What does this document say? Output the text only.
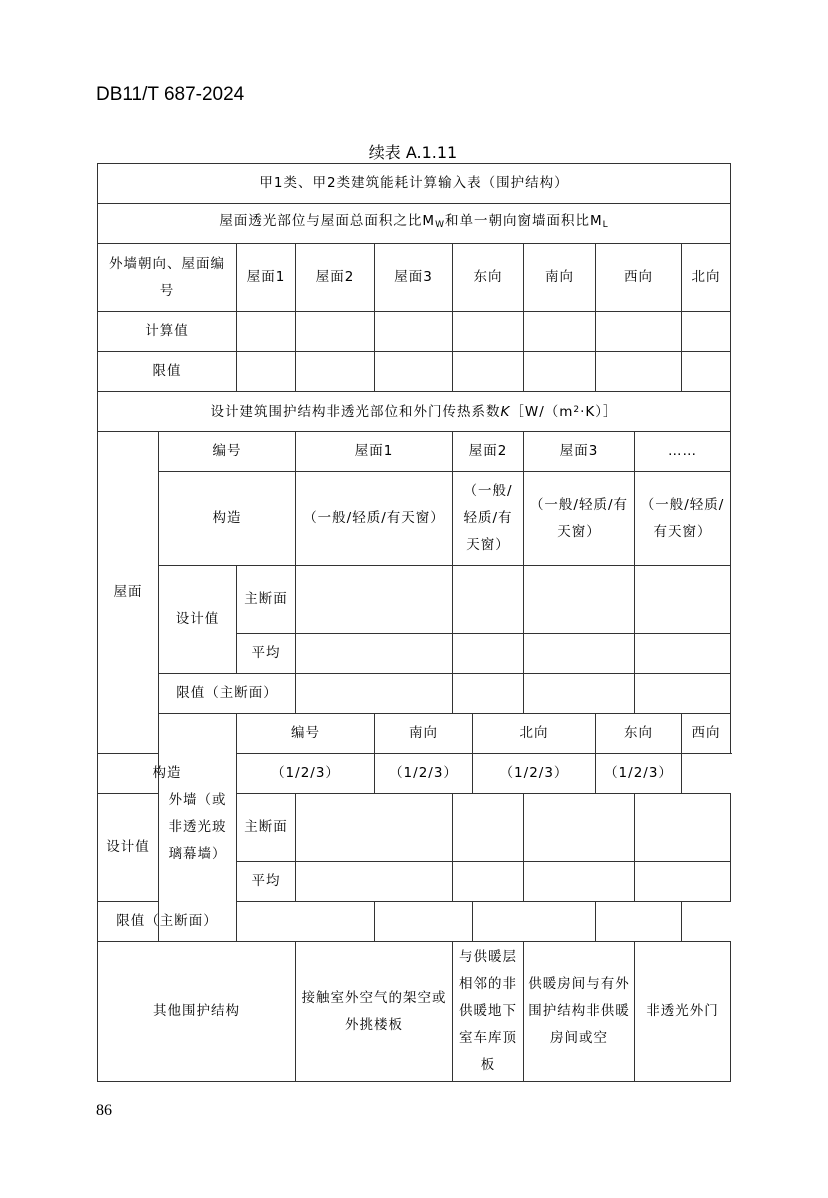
DB11/T 687-2024
续表 A.1.11
甲1类、甲2类建筑能耗计算输入表（围护结构）										
屋面透光部位与屋面总面积之比$M_W$和单一朝向窗墙面积比$M_L$
外墙朝向、屋面编号		屋面1	屋面2	屋面3	东向		南向	西向		北向
计算值										
限值										
设计建筑围护结构非透光部位和外门传热系数$K[W/(m^2\cdot K)]$										
屋面	编号		屋面1		屋面2		屋面3		……	
	构造		（一般/轻质/有天窗）		（一般/轻质/有天窗）		（一般/轻质/有天窗）		（一般/轻质/有天窗）	
	设计值	主断面								
		平均								
	限值（主断面）									
	外墙（或非透光玻璃幕墙）	编号		南向		北向		东向		西向
构造		（1/2/3）		（1/2/3）		（1/2/3）		（1/2/3）		
设计值		主断面								
		平均								
限值（主断面）										
其他围护结构			接触室外空气的架空或外挑楼板		与供暖层相邻的非供暖地下室车库顶板		供暖房间与有外围护结构非供暖房间或空		非透光外门	
86
